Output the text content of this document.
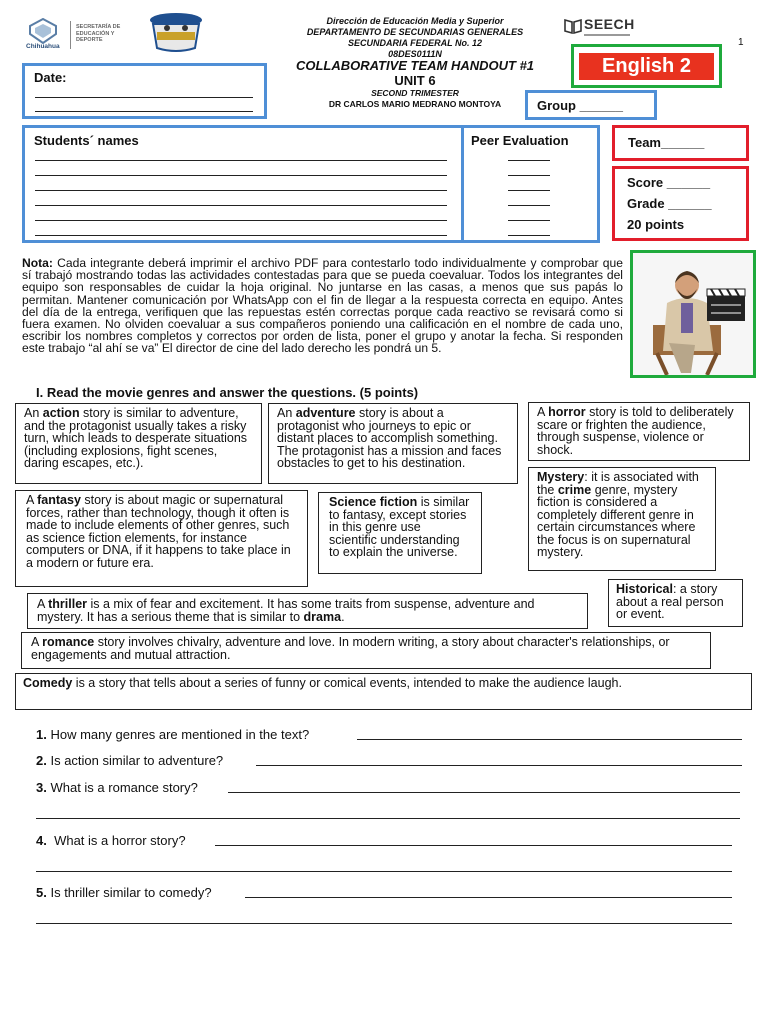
Chihuahua
SECRETARÍA DE EDUCACIÓN Y DEPORTE
Dirección de Educación Media y Superior
DEPARTAMENTO DE SECUNDARIAS GENERALES
SECUNDARIA FEDERAL No. 12
08DES0111N
SEECH
1
Date:
COLLABORATIVE TEAM HANDOUT #1
UNIT 6
SECOND TRIMESTER
DR CARLOS MARIO MEDRANO MONTOYA
English 2
Group ______
Students´ names	Peer Evaluation	Team______
Score ______
Grade ______
20 points
Nota: Cada integrante deberá imprimir el archivo PDF para contestarlo todo individualmente y comprobar que sí trabajó mostrando todas las actividades contestadas para que se pueda coevaluar. Todos los integrantes del equipo son responsables de cuidar la hoja original. No juntarse en las casas, a menos que sus papás lo permitan. Mantener comunicación por WhatsApp con el fin de llegar a la respuesta correcta en equipo. Antes del día de la entrega, verifiquen que las repuestas estén correctas porque cada reactivo se revisará como si fuera examen. No olviden coevaluar a sus compañeros poniendo una calificación en el nombre de cada uno, escribir los nombres completos y correctos por orden de lista, poner el grupo y anotar la fecha. Si responden este trabajo “al ahí se va” El director de cine del lado derecho les pondrá un 5.
I. Read the movie genres and answer the questions. (5 points)
An action story is similar to adventure, and the protagonist usually takes a risky turn, which leads to desperate situations (including explosions, fight scenes, daring escapes, etc.).
An adventure story is about a protagonist who journeys to epic or distant places to accomplish something. The protagonist has a mission and faces obstacles to get to his destination.
A horror story is told to deliberately scare or frighten the audience, through suspense, violence or shock.
Mystery: it is associated with the crime genre, mystery fiction is considered a completely different genre in certain circumstances where the focus is on supernatural mystery.
A fantasy story is about magic or supernatural forces, rather than technology, though it often is made to include elements of other genres, such as science fiction elements, for instance computers or DNA, if it happens to take place in a modern or future era.
Science fiction is similar to fantasy, except stories in this genre use scientific understanding to explain the universe.
Historical: a story about a real person or event.
A thriller is a mix of fear and excitement. It has some traits from suspense, adventure and mystery. It has a serious theme that is similar to drama.
A romance story involves chivalry, adventure and love. In modern writing, a story about character's relationships, or engagements and mutual attraction.
Comedy is a story that tells about a series of funny or comical events, intended to make the audience laugh.
1. How many genres are mentioned in the text?
2. Is action similar to adventure?
3. What is a romance story?
4. What is a horror story?
5. Is thriller similar to comedy?
